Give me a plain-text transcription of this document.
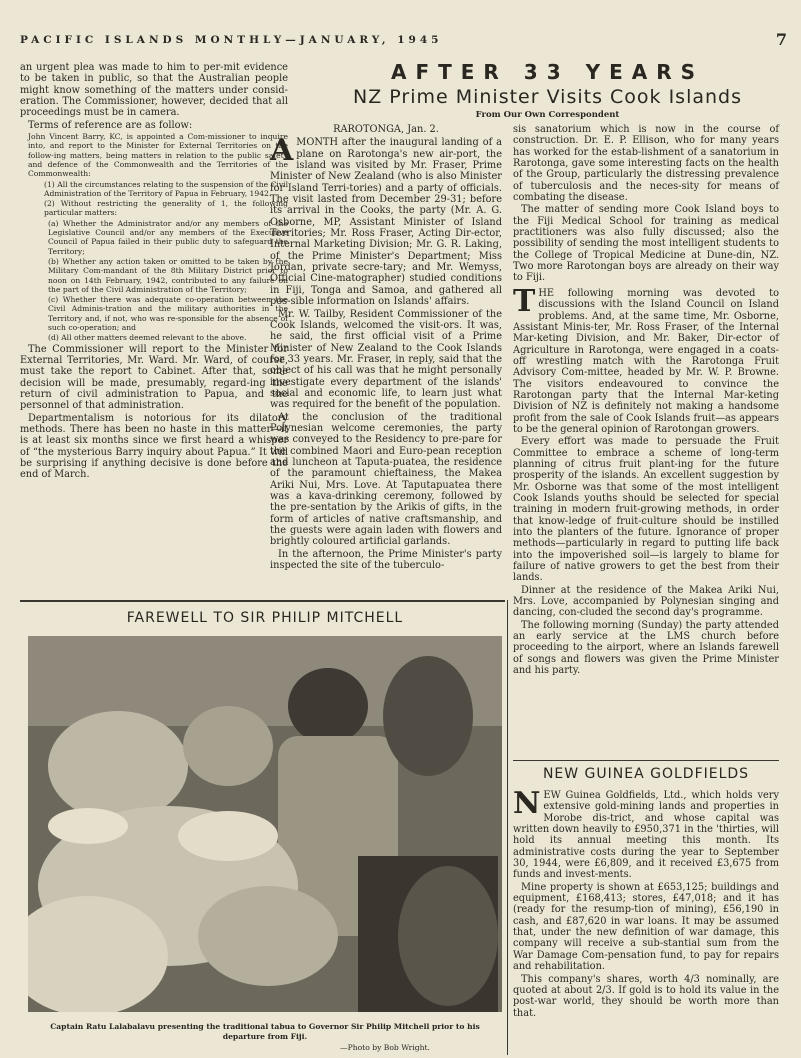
PACIFIC ISLANDS MONTHLY—JANUARY, 1945	7

an urgent plea was made to him to per-mit evidence to be taken in public, so that the Australian people might know something of the matters under consid-eration. The Commissioner, however, decided that all proceedings must be in camera.

Terms of reference are as follow:

John Vincent Barry, KC, is appointed a Com-missioner to inquire into, and report to the Minister for External Territories on the follow-ing matters, being matters in relation to the public safety and defence of the Commonwealth and the Territories of the Commonwealth:

(1) All the circumstances relating to the suspension of the Civil Administration of the Territory of Papua in February, 1942.

(2) Without restricting the generality of 1, the following particular matters:

(a) Whether the Administrator and/or any members of the Legislative Council and/or any members of the Executive Council of Papua failed in their public duty to safeguard the Territory;

(b) Whether any action taken or omitted to be taken by the Military Com-mandant of the 8th Military District prior to noon on 14th February, 1942, contributed to any failure on the part of the Civil Administration of the Territory;

(c) Whether there was adequate co-operation between the Civil Adminis-tration and the military authorities in the Territory and, if not, who was re-sponsible for the absence of such co-operation; and

(d) All other matters deemed relevant to the above.

The Commissioner will report to the Minister for External Territories, Mr. Ward. Mr. Ward, of course, must take the report to Cabinet. After that, some decision will be made, presumably, regard-ing the return of civil administration to Papua, and the personnel of that administration.

Departmentalism is notorious for its dilatory methods. There has been no haste in this matter—it is at least six months since we first heard a whisper of “the mysterious Barry inquiry about Papua.” It will be surprising if anything decisive is done before the end of March.

AFTER 33 YEARS
NZ Prime Minister Visits Cook Islands
From Our Own Correspondent

RAROTONGA, Jan. 2.

AMONTH after the inaugural landing of a plane on Rarotonga's new air-port, the island was visited by Mr. Fraser, Prime Minister of New Zealand (who is also Minister for Island Terri-tories) and a party of officials. The visit lasted from December 29-31; before its arrival in the Cooks, the party (Mr. A. G. Osborne, MP, Assistant Minister of Island Territories; Mr. Ross Fraser, Acting Dir-ector, Internal Marketing Division; Mr. G. R. Laking, of the Prime Minister's Department; Miss Jordan, private secre-tary; and Mr. Wemyss, Official Cine-matographer) studied conditions in Fiji, Tonga and Samoa, and gathered all pos-sible information on Islands' affairs.

Mr. W. Tailby, Resident Commissioner of the Cook Islands, welcomed the visit-ors. It was, he said, the first official visit of a Prime Minister of New Zealand to the Cook Islands for 33 years. Mr. Fraser, in reply, said that the object of his call was that he might personally investigate every department of the islands' social and economic life, to learn just what was required for the benefit of the population.

At the conclusion of the traditional Polynesian welcome ceremonies, the party was conveyed to the Residency to pre-pare for the combined Maori and Euro-pean reception and luncheon at Taputa-puatea, the residence of the paramount chieftainess, the Makea Ariki Nui, Mrs. Love. At Taputapuatea there was a kava-drinking ceremony, followed by the pre-sentation by the Arikis of gifts, in the form of articles of native craftsmanship, and the guests were again laden with flowers and brightly coloured artificial garlands.

In the afternoon, the Prime Minister's party inspected the site of the tuberculo-

sis sanatorium which is now in the course of construction. Dr. E. P. Ellison, who for many years has worked for the estab-lishment of a sanatorium in Rarotonga, gave some interesting facts on the health of the Group, particularly the distressing prevalence of tuberculosis and the neces-sity for means of combating the disease.

The matter of sending more Cook Island boys to the Fiji Medical School for training as medical practitioners was also fully discussed; also the possibility of sending the most intelligent students to the College of Tropical Medicine at Dune-din, NZ. Two more Rarotongan boys are already on their way to Fiji.

THE following morning was devoted to discussions with the Island Council on Island problems. And, at the same time, Mr. Osborne, Assistant Minis-ter, Mr. Ross Fraser, of the Internal Mar-keting Division, and Mr. Baker, Dir-ector of Agriculture in Rarotonga, were engaged in a coats-off wrestling match with the Rarotonga Fruit Advisory Com-mittee, headed by Mr. W. P. Browne. The visitors endeavoured to convince the Rarotongan party that the Internal Mar-keting Division of NZ is definitely not making a handsome profit from the sale of Cook Islands fruit—as appears to be the general opinion of Rarotongan growers.

Every effort was made to persuade the Fruit Committee to embrace a scheme of long-term planning of citrus fruit plant-ing for the future prosperity of the islands. An excellent suggestion by Mr. Osborne was that some of the most intelligent Cook Islands youths should be selected for special training in modern fruit-growing methods, in order that know-ledge of fruit-culture should be instilled into the planters of the future. Ignorance of proper methods—particularly in regard to putting life back into the impoverished soil—is largely to blame for failure of native growers to get the best from their lands.

Dinner at the residence of the Makea Ariki Nui, Mrs. Love, accompanied by Polynesian singing and dancing, con-cluded the second day's programme.

The following morning (Sunday) the party attended an early service at the LMS church before proceeding to the airport, where an Islands farewell of songs and flowers was given the Prime Minister and his party.

FAREWELL TO SIR PHILIP MITCHELL
Captain Ratu Lalabalavu presenting the traditional tabua to Governor Sir Philip Mitchell prior to his departure from Fiji.
—Photo by Bob Wright.
NEW GUINEA GOLDFIELDS

NEW Guinea Goldfields, Ltd., which holds very extensive gold-mining lands and properties in Morobe dis-trict, and whose capital was written down heavily to £950,371 in the 'thirties, will hold its annual meeting this month. Its administrative costs during the year to September 30, 1944, were £6,809, and it received £3,675 from funds and invest-ments.

Mine property is shown at £653,125; buildings and equipment, £168,413; stores, £47,018; and it has (ready for the resump-tion of mining), £56,190 in cash, and £87,620 in war loans. It may be assumed that, under the new definition of war damage, this company will receive a sub-stantial sum from the War Damage Com-pensation fund, to pay for repairs and rehabilitation.

This company's shares, worth 4/3 nominally, are quoted at about 2/3. If gold is to hold its value in the post-war world, they should be worth more than that.
